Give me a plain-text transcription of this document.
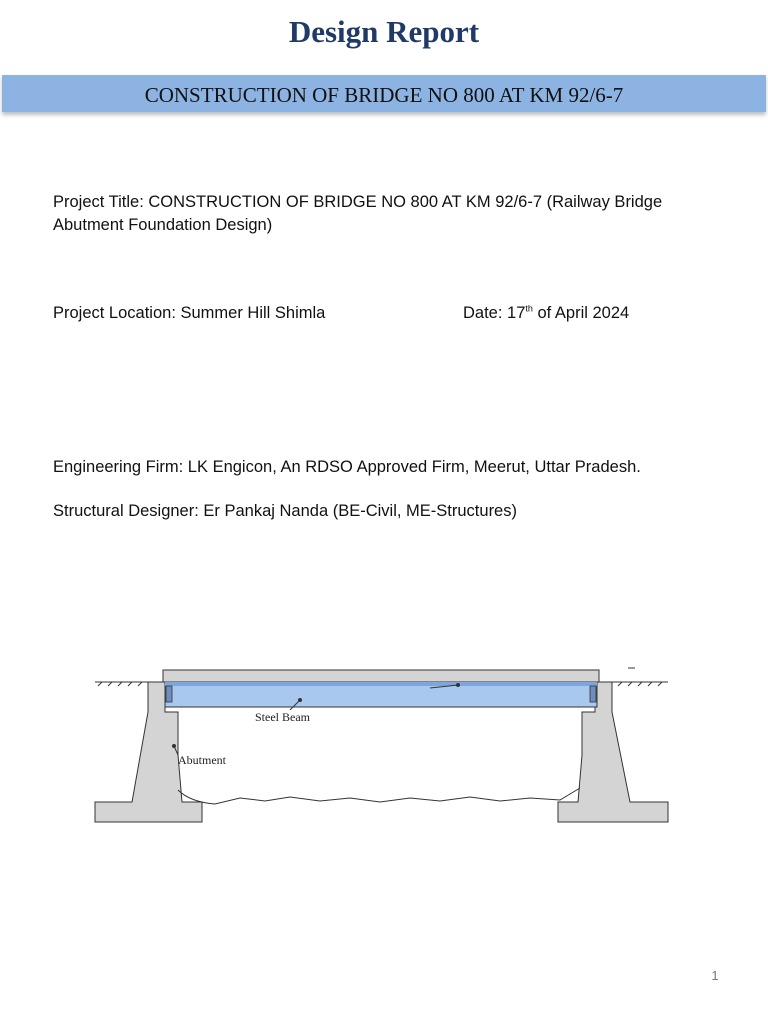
Design Report
CONSTRUCTION OF BRIDGE NO 800 AT KM 92/6-7
Project Title: CONSTRUCTION OF BRIDGE NO 800 AT KM 92/6-7 (Railway Bridge
Abutment Foundation Design)
Project Location: Summer Hill Shimla	Date: 17th of April 2024
Engineering Firm: LK Engicon, An RDSO Approved Firm, Meerut, Uttar Pradesh.
Structural Designer: Er Pankaj Nanda (BE-Civil, ME-Structures)
Steel Beam
Abutment
1
